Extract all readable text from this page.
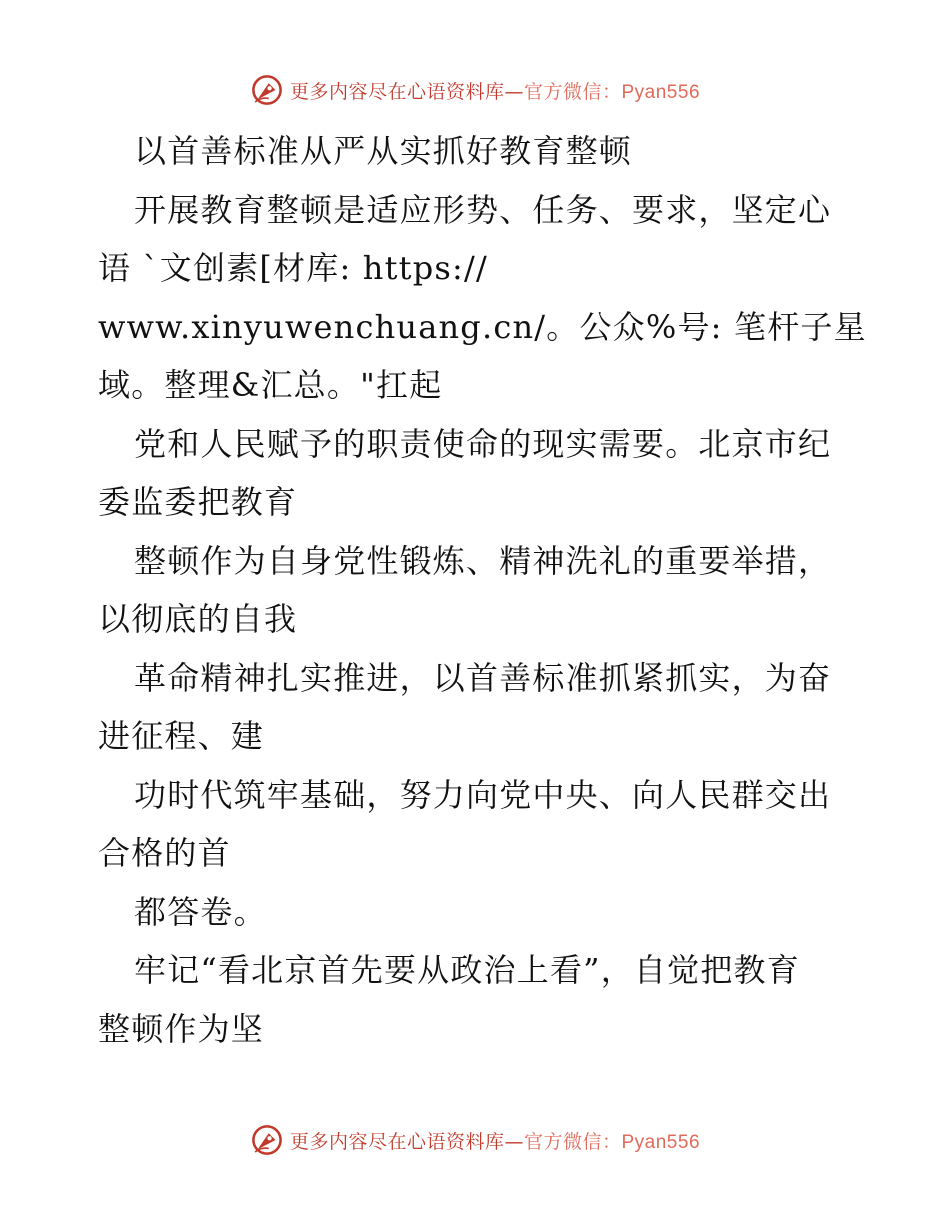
更多内容尽在心语资料库—官方微信：Pyan556
以首善标准从严从实抓好教育整顿
开展教育整顿是适应形势、任务、要求，坚定心
语 `文创素[材库: https://
www.xinyuwenchuang.cn/。公众%号: 笔杆子星
域。整理&汇总。"扛起
党和人民赋予的职责使命的现实需要。北京市纪
委监委把教育
整顿作为自身党性锻炼、精神洗礼的重要举措，
以彻底的自我
革命精神扎实推进，以首善标准抓紧抓实，为奋
进征程、建
功时代筑牢基础，努力向党中央、向人民群交出
合格的首
都答卷。
牢记“看北京首先要从政治上看”，自觉把教育
整顿作为坚
更多内容尽在心语资料库—官方微信：Pyan556
